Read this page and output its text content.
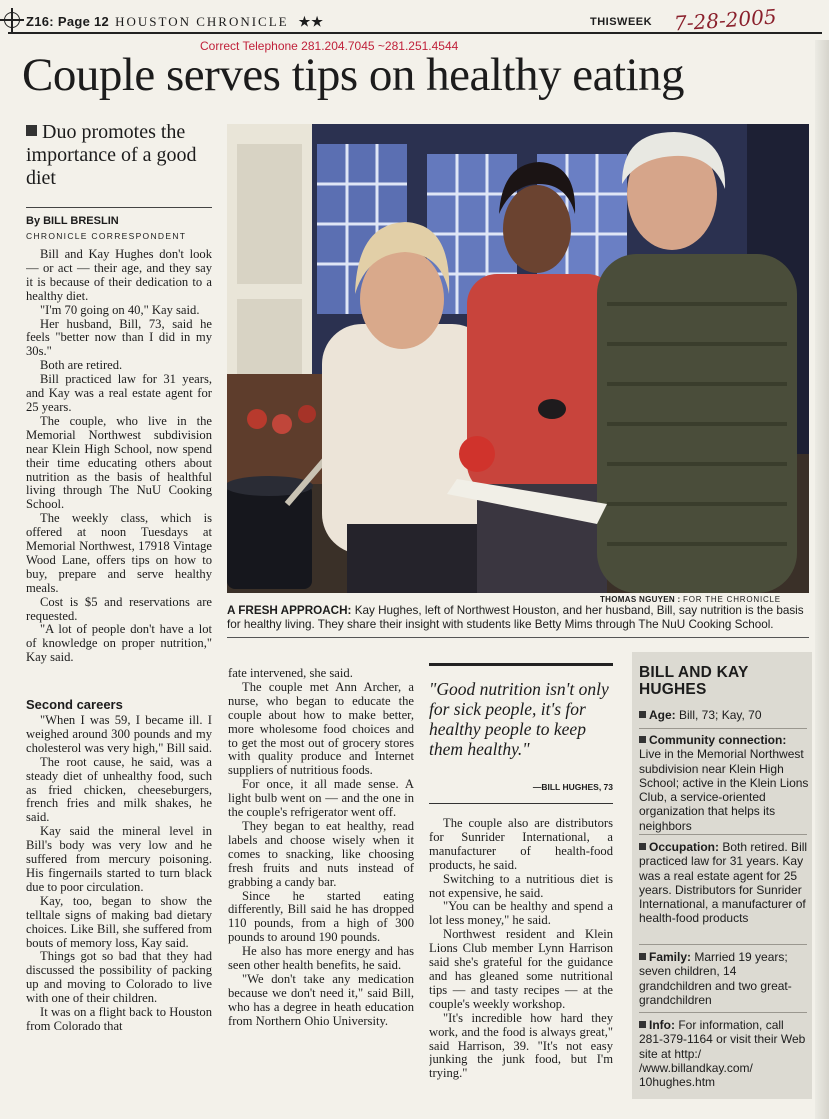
Z16: Page 12 HOUSTON CHRONICLE ★★	THISWEEK 7-28-2005
Correct Telephone 281.204.7045 ~281.251.4544
Couple serves tips on healthy eating
Duo promotes the importance of a good diet
By BILL BRESLIN
CHRONICLE CORRESPONDENT

Bill and Kay Hughes don't look — or act — their age, and they say it is because of their dedication to a healthy diet.

"I'm 70 going on 40," Kay said.

Her husband, Bill, 73, said he feels "better now than I did in my 30s."

Both are retired.

Bill practiced law for 31 years, and Kay was a real estate agent for 25 years.

The couple, who live in the Memorial Northwest subdivision near Klein High School, now spend their time educating others about nutrition as the basis of healthful living through The NuU Cooking School.

The weekly class, which is offered at noon Tuesdays at Memorial Northwest, 17918 Vintage Wood Lane, offers tips on how to buy, prepare and serve healthy meals.

Cost is $5 and reservations are requested.

"A lot of people don't have a lot of knowledge on proper nutrition," Kay said.

Second careers

"When I was 59, I became ill. I weighed around 300 pounds and my cholesterol was very high," Bill said.

The root cause, he said, was a steady diet of unhealthy food, such as fried chicken, cheeseburgers, french fries and milk shakes, he said.

Kay said the mineral level in Bill's body was very low and he suffered from mercury poisoning. His fingernails started to turn black due to poor circulation.

Kay, too, began to show the telltale signs of making bad dietary choices. Like Bill, she suffered from bouts of memory loss, Kay said.

Things got so bad that they had discussed the possibility of packing up and moving to Colorado to live with one of their children.

It was on a flight back to Houston from Colorado that

THOMAS NGUYEN : FOR THE CHRONICLE
A FRESH APPROACH: Kay Hughes, left of Northwest Houston, and her husband, Bill, say nutrition is the basis for healthy living. They share their insight with students like Betty Mims through The NuU Cooking School.

fate intervened, she said.

The couple met Ann Archer, a nurse, who began to educate the couple about how to make better, more wholesome food choices and to get the most out of grocery stores with quality produce and Internet suppliers of nutritious foods.

For once, it all made sense. A light bulb went on — and the one in the couple's refrigerator went off.

They began to eat healthy, read labels and choose wisely when it comes to snacking, like choosing fresh fruits and nuts instead of grabbing a candy bar.

Since he started eating differently, Bill said he has dropped 110 pounds, from a high of 300 pounds to around 190 pounds.

He also has more energy and has seen other health benefits, he said.

"We don't take any medication because we don't need it," said Bill, who has a degree in heath education from Northern Ohio University.

"Good nutrition isn't only for sick people, it's for healthy people to keep them healthy."
—BILL HUGHES, 73

The couple also are distributors for Sunrider International, a manufacturer of health-food products, he said.

Switching to a nutritious diet is not expensive, he said.

"You can be healthy and spend a lot less money," he said.

Northwest resident and Klein Lions Club member Lynn Harrison said she's grateful for the guidance and has gleaned some nutritional tips — and tasty recipes — at the couple's weekly workshop.

"It's incredible how hard they work, and the food is always great," said Harrison, 39. "It's not easy junking the junk food, but I'm trying."

BILL AND KAY HUGHES
Age: Bill, 73; Kay, 70
Community connection: Live in the Memorial Northwest subdivision near Klein High School; active in the Klein Lions Club, a service-oriented organization that helps its neighbors
Occupation: Both retired. Bill practiced law for 31 years. Kay was a real estate agent for 25 years. Distributors for Sunrider International, a manufacturer of health-food products
Family: Married 19 years; seven children, 14 grandchildren and two great-grandchildren
Info: For information, call 281-379-1164 or visit their Web site at http:/ /www.billandkay.com/ 10hughes.htm
